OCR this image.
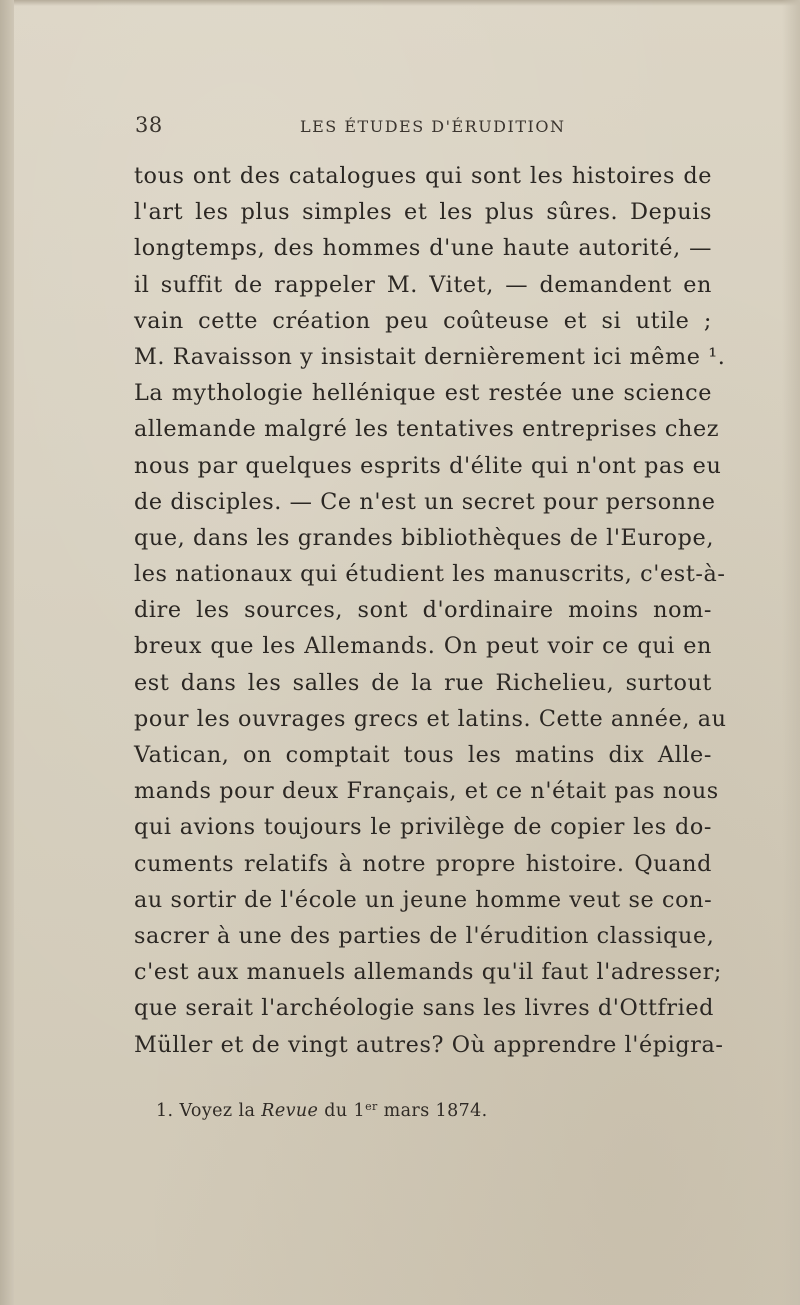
38	LES ÉTUDES D'ÉRUDITION
tous ont des catalogues qui sont les histoires de
l'art les plus simples et les plus sûres. Depuis
longtemps, des hommes d'une haute autorité, —
il suffit de rappeler M. Vitet, — demandent en
vain cette création peu coûteuse et si utile ;
M. Ravaisson y insistait dernièrement ici même ¹.
La mythologie hellénique est restée une science
allemande malgré les tentatives entreprises chez
nous par quelques esprits d'élite qui n'ont pas eu
de disciples. — Ce n'est un secret pour personne
que, dans les grandes bibliothèques de l'Europe,
les nationaux qui étudient les manuscrits, c'est-à-
dire les sources, sont d'ordinaire moins nom-
breux que les Allemands. On peut voir ce qui en
est dans les salles de la rue Richelieu, surtout
pour les ouvrages grecs et latins. Cette année, au
Vatican, on comptait tous les matins dix Alle-
mands pour deux Français, et ce n'était pas nous
qui avions toujours le privilège de copier les do-
cuments relatifs à notre propre histoire. Quand
au sortir de l'école un jeune homme veut se con-
sacrer à une des parties de l'érudition classique,
c'est aux manuels allemands qu'il faut l'adresser;
que serait l'archéologie sans les livres d'Ottfried
Müller et de vingt autres? Où apprendre l'épigra-
1. Voyez la Revue du 1er mars 1874.
